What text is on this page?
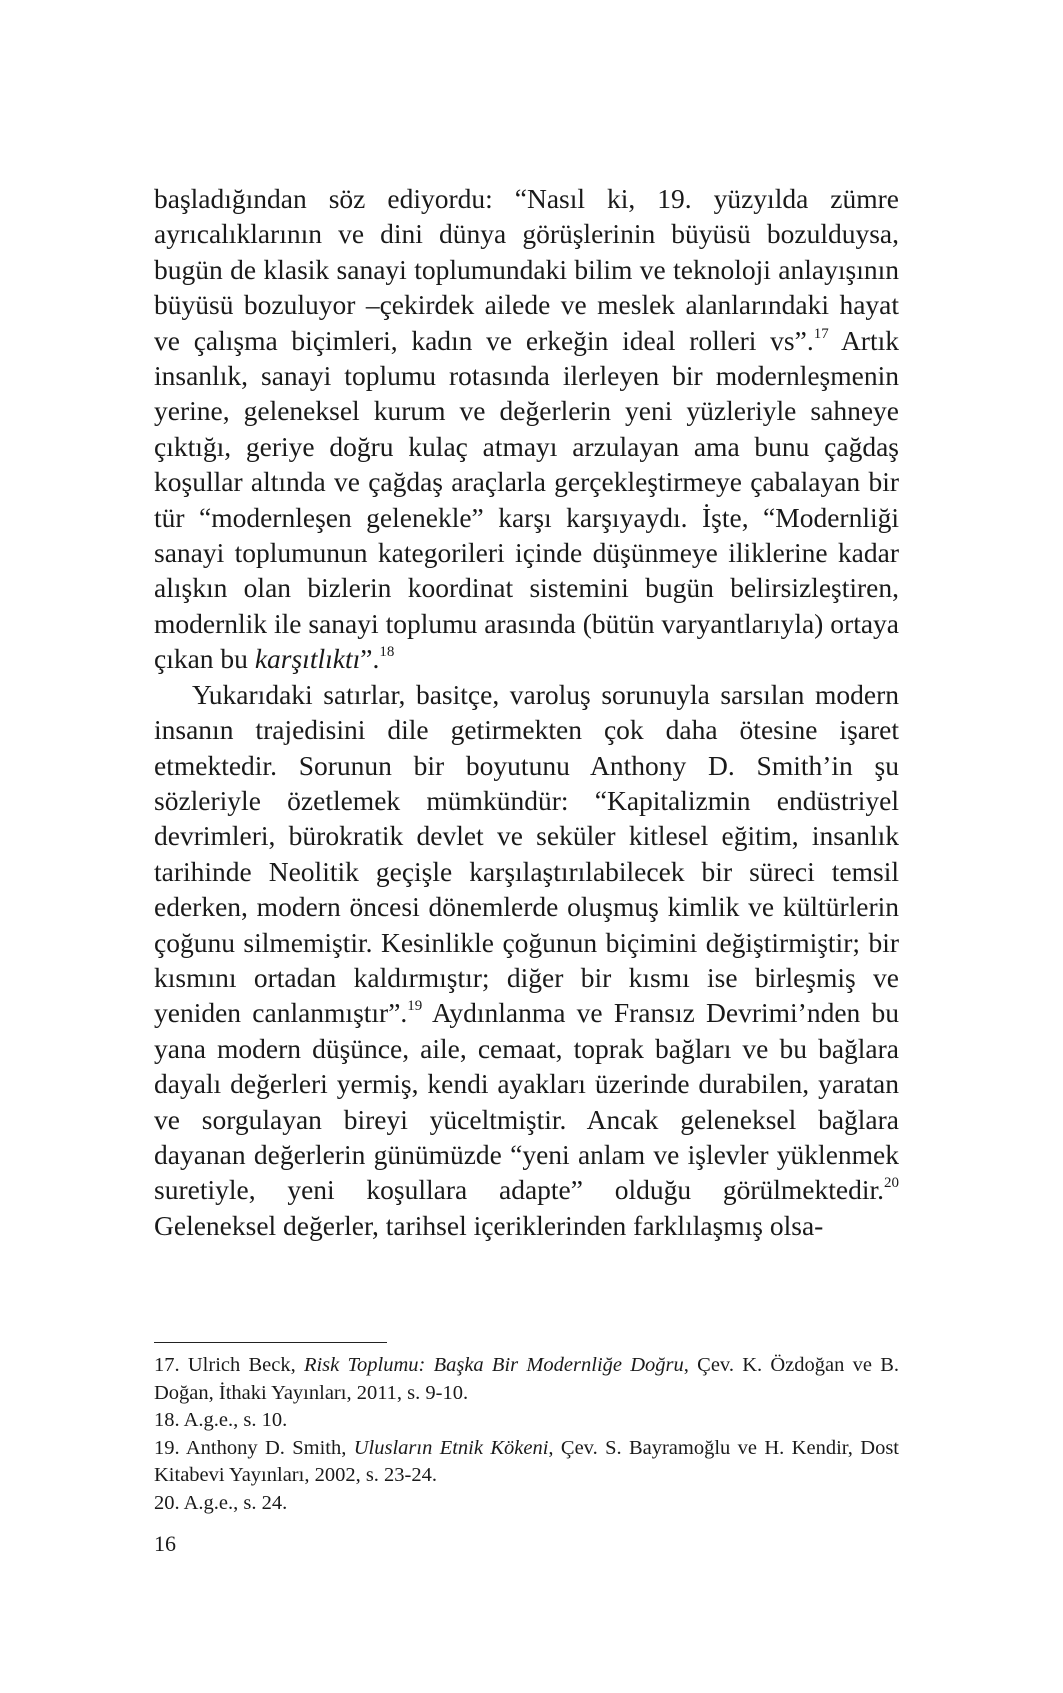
başladığından söz ediyordu: “Nasıl ki, 19. yüzyılda zümre ayrıcalıklarının ve dini dünya görüşlerinin büyüsü bozulduysa, bugün de klasik sanayi toplumundaki bilim ve teknoloji anlayışının büyüsü bozuluyor –çekirdek ailede ve meslek alanlarındaki hayat ve çalışma biçimleri, kadın ve erkeğin ideal rolleri vs”.$^{17}$ Artık insanlık, sanayi toplumu rotasında ilerleyen bir modernleşmenin yerine, geleneksel kurum ve değerlerin yeni yüzleriyle sahneye çıktığı, geriye doğru kulaç atmayı arzulayan ama bunu çağdaş koşullar altında ve çağdaş araçlarla gerçekleştirmeye çabalayan bir tür “modernleşen gelenekle” karşı karşıyaydı. İşte, “Modernliği sanayi toplumunun kategorileri içinde düşünmeye iliklerine kadar alışkın olan bizlerin koordinat sistemini bugün belirsizleştiren, modernlik ile sanayi toplumu arasında (bütün varyantlarıyla) ortaya çıkan bu karşıtlıktı”.$^{18}$

Yukarıdaki satırlar, basitçe, varoluş sorunuyla sarsılan modern insanın trajedisini dile getirmekten çok daha ötesine işaret etmektedir. Sorunun bir boyutunu Anthony D. Smith’in şu sözleriyle özetlemek mümkündür: “Kapitalizmin endüstriyel devrimleri, bürokratik devlet ve seküler kitlesel eğitim, insanlık tarihinde Neolitik geçişle karşılaştırılabilecek bir süreci temsil ederken, modern öncesi dönemlerde oluşmuş kimlik ve kültürlerin çoğunu silmemiştir. Kesinlikle çoğunun biçimini değiştirmiştir; bir kısmını ortadan kaldırmıştır; diğer bir kısmı ise birleşmiş ve yeniden canlanmıştır”.$^{19}$ Aydınlanma ve Fransız Devrimi’nden bu yana modern düşünce, aile, cemaat, toprak bağları ve bu bağlara dayalı değerleri yermiş, kendi ayakları üzerinde durabilen, yaratan ve sorgulayan bireyi yüceltmiştir. Ancak geleneksel bağlara dayanan değerlerin günümüzde “yeni anlam ve işlevler yüklenmek suretiyle, yeni koşullara adapte” olduğu görülmektedir.$^{20}$ Geleneksel değerler, tarihsel içeriklerinden farklılaşmış olsa-

17. Ulrich Beck, Risk Toplumu: Başka Bir Modernliğe Doğru, Çev. K. Özdoğan ve B. Doğan, İthaki Yayınları, 2011, s. 9-10.

18. A.g.e., s. 10.

19. Anthony D. Smith, Ulusların Etnik Kökeni, Çev. S. Bayramoğlu ve H. Kendir, Dost Kitabevi Yayınları, 2002, s. 23-24.

20. A.g.e., s. 24.

16
